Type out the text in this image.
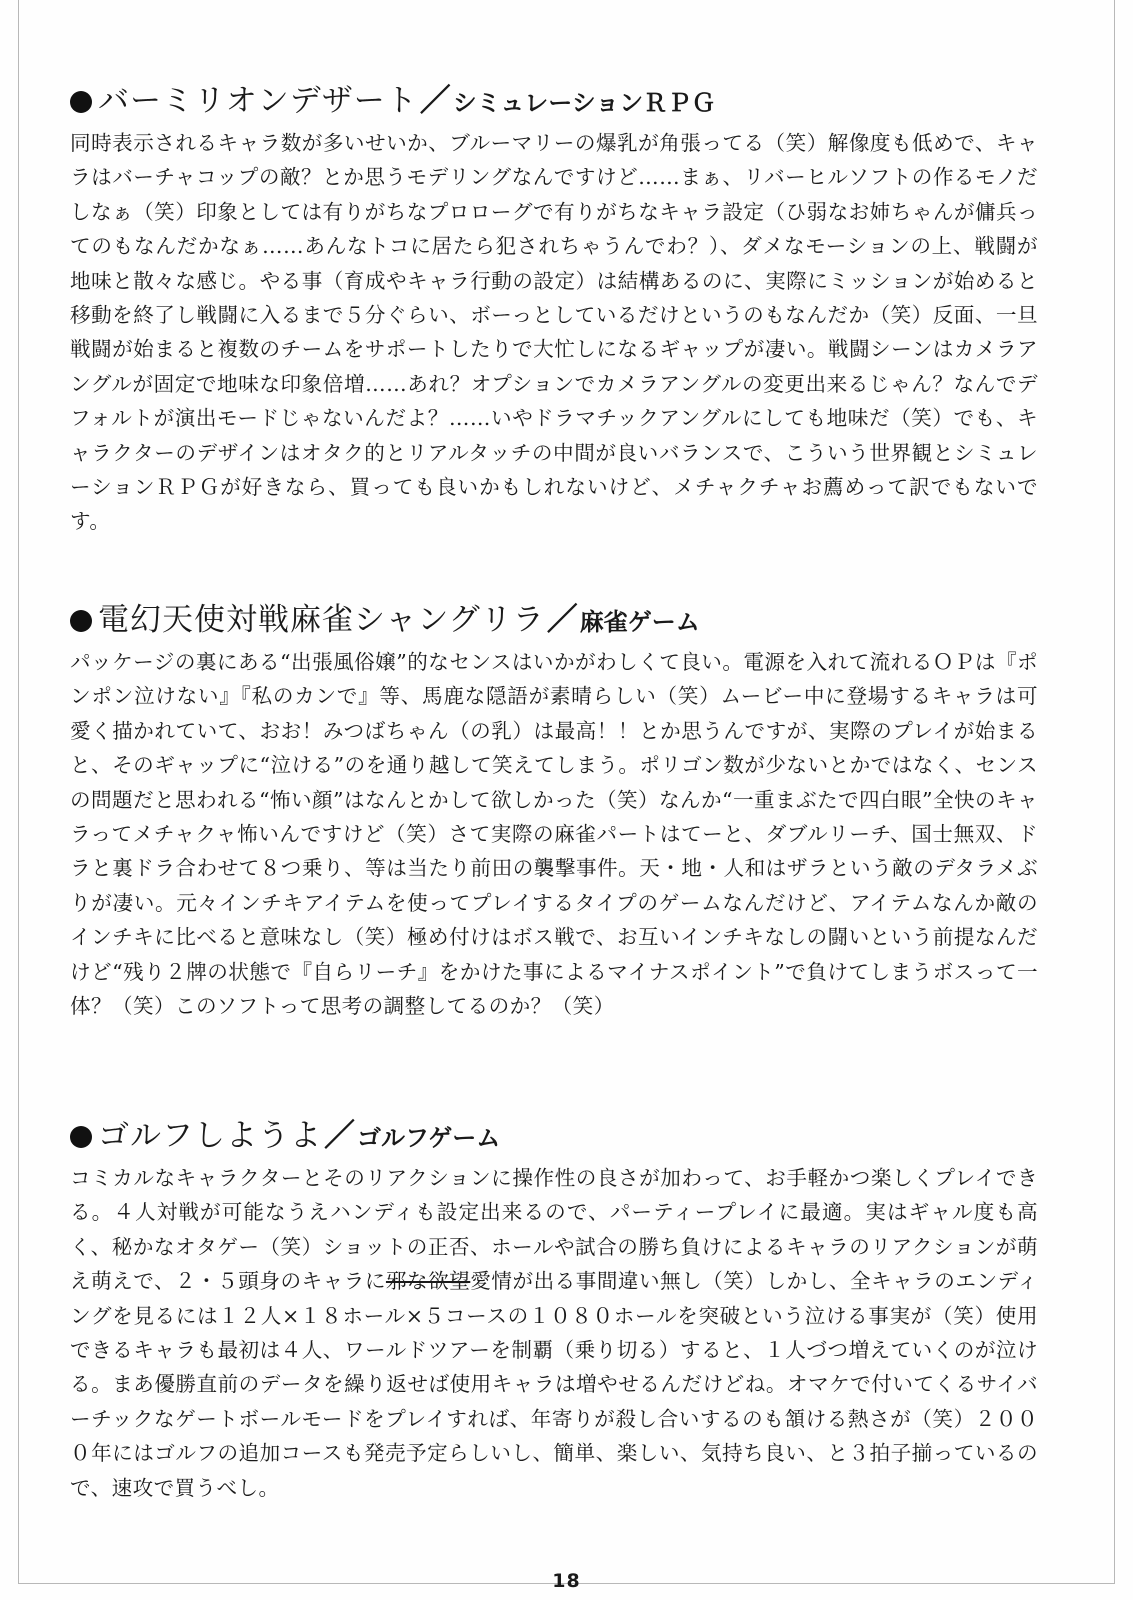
バーミリオンデザート／シミュレーションＲＰＧ

同時表示されるキャラ数が多いせいか、ブルーマリーの爆乳が角張ってる（笑）解像度も低めで、キャラはバーチャコップの敵？とか思うモデリングなんですけど……まぁ、リバーヒルソフトの作るモノだしなぁ（笑）印象としては有りがちなプロローグで有りがちなキャラ設定（ひ弱なお姉ちゃんが傭兵ってのもなんだかなぁ……あんなトコに居たら犯されちゃうんでわ？）、ダメなモーションの上、戦闘が地味と散々な感じ。やる事（育成やキャラ行動の設定）は結構あるのに、実際にミッションが始めると移動を終了し戦闘に入るまで５分ぐらい、ボーっとしているだけというのもなんだか（笑）反面、一旦戦闘が始まると複数のチームをサポートしたりで大忙しになるギャップが凄い。戦闘シーンはカメラアングルが固定で地味な印象倍増……あれ？オプションでカメラアングルの変更出来るじゃん？なんでデフォルトが演出モードじゃないんだよ？……いやドラマチックアングルにしても地味だ（笑）でも、キャラクターのデザインはオタク的とリアルタッチの中間が良いバランスで、こういう世界観とシミュレーションＲＰＧが好きなら、買っても良いかもしれないけど、メチャクチャお薦めって訳でもないです。

電幻天使対戦麻雀シャングリラ／麻雀ゲーム

パッケージの裏にある“出張風俗嬢”的なセンスはいかがわしくて良い。電源を入れて流れるＯＰは『ポンポン泣けない』『私のカンで』等、馬鹿な隠語が素晴らしい（笑）ムービー中に登場するキャラは可愛く描かれていて、おお！みつばちゃん（の乳）は最高！！とか思うんですが、実際のプレイが始まると、そのギャップに“泣ける”のを通り越して笑えてしまう。ポリゴン数が少ないとかではなく、センスの問題だと思われる“怖い顔”はなんとかして欲しかった（笑）なんか“一重まぶたで四白眼”全快のキャラってメチャクャ怖いんですけど（笑）さて実際の麻雀パートはてーと、ダブルリーチ、国士無双、ドラと裏ドラ合わせて８つ乗り、等は当たり前田の襲撃事件。天・地・人和はザラという敵のデタラメぶりが凄い。元々インチキアイテムを使ってプレイするタイプのゲームなんだけど、アイテムなんか敵のインチキに比べると意味なし（笑）極め付けはボス戦で、お互いインチキなしの闘いという前提なんだけど“残り２牌の状態で『自らリーチ』をかけた事によるマイナスポイント”で負けてしまうボスって一体？（笑）このソフトって思考の調整してるのか？（笑）

ゴルフしようよ／ゴルフゲーム

コミカルなキャラクターとそのリアクションに操作性の良さが加わって、お手軽かつ楽しくプレイできる。４人対戦が可能なうえハンディも設定出来るので、パーティープレイに最適。実はギャル度も高く、秘かなオタゲー（笑）ショットの正否、ホールや試合の勝ち負けによるキャラのリアクションが萌え萌えで、２・５頭身のキャラに邪な欲望愛情が出る事間違い無し（笑）しかし、全キャラのエンディングを見るには１２人×１８ホール×５コースの１０８０ホールを突破という泣ける事実が（笑）使用できるキャラも最初は４人、ワールドツアーを制覇（乗り切る）すると、１人づつ増えていくのが泣ける。まあ優勝直前のデータを繰り返せば使用キャラは増やせるんだけどね。オマケで付いてくるサイバーチックなゲートボールモードをプレイすれば、年寄りが殺し合いするのも頷ける熱さが（笑）２０００年にはゴルフの追加コースも発売予定らしいし、簡単、楽しい、気持ち良い、と３拍子揃っているので、速攻で買うべし。

18
